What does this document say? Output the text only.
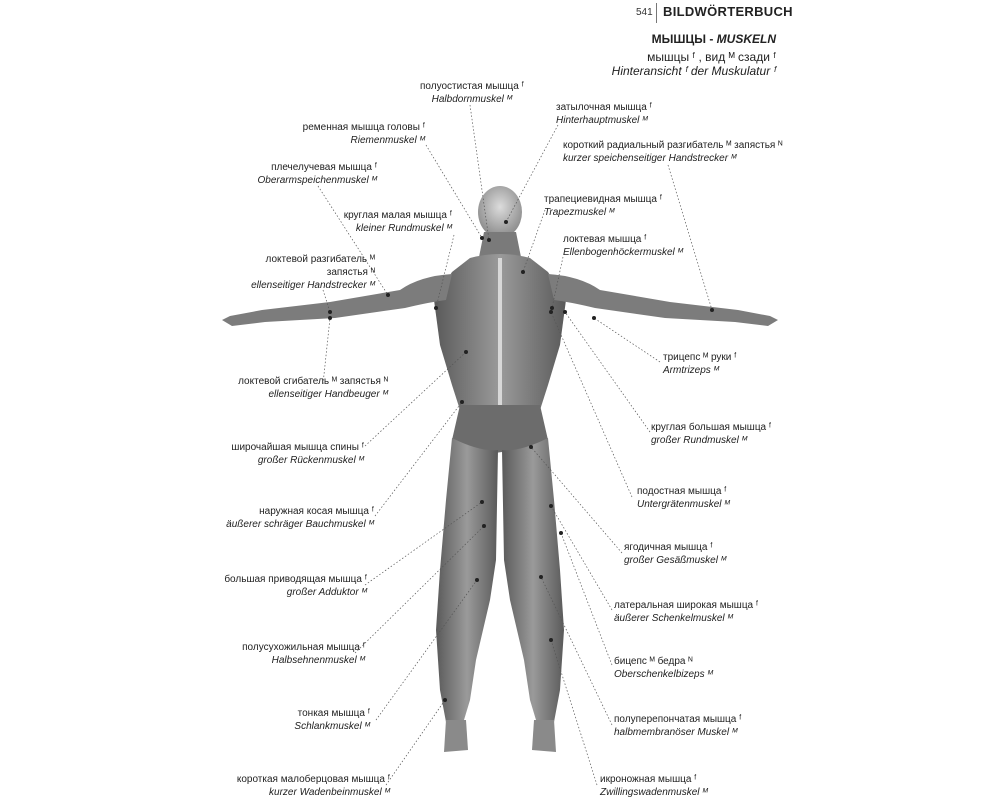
541 BILDWÖRTERBUCH
МЫШЦЫ - MUSKELN
мышцы ᶠ , вид ᴹ сзади ᶠ
Hinteransicht ᶠ der Muskulatur ᶠ
полуостистая мышца ᶠ
Halbdornmuskel ᴹ
затылочная мышца ᶠ
Hinterhauptmuskel ᴹ
ременная мышца головы ᶠ
Riemenmuskel ᴹ	короткий радиальный разгибатель ᴹ запястья ᴺ
kurzer speichenseitiger Handstrecker ᴹ
плечелучевая мышца ᶠ
Oberarmspeichenmuskel ᴹ
трапециевидная мышца ᶠ
Trapezmuskel ᴹ
круглая малая мышца ᶠ
kleiner Rundmuskel ᴹ
локтевая мышца ᶠ
Ellenbogenhöckermuskel ᴹ
локтевой разгибатель ᴹ
запястья ᴺ
ellenseitiger Handstrecker ᴹ
трицепс ᴹ руки ᶠ
Armtrizeps ᴹ
локтевой сгибатель ᴹ запястья ᴺ
ellenseitiger Handbeuger ᴹ
круглая большая мышца ᶠ
großer Rundmuskel ᴹ
широчайшая мышца спины ᶠ
großer Rückenmuskel ᴹ
подостная мышца ᶠ
Untergrätenmuskel ᴹ
наружная косая мышца ᶠ
äußerer schräger Bauchmuskel ᴹ
ягодичная мышца ᶠ
großer Gesäßmuskel ᴹ
большая приводящая мышца ᶠ
großer Adduktor ᴹ
латеральная широкая мышца ᶠ
äußerer Schenkelmuskel ᴹ
полусухожильная мышца ᶠ
Halbsehnenmuskel ᴹ	бицепс ᴹ бедра ᴺ
Oberschenkelbizeps ᴹ
тонкая мышца ᶠ
Schlankmuskel ᴹ
полуперепончатая мышца ᶠ
halbmembranöser Muskel ᴹ
короткая малоберцовая мышца ᶠ
kurzer Wadenbeinmuskel ᴹ
икроножная мышца ᶠ
Zwillingswadenmuskel ᴹ
